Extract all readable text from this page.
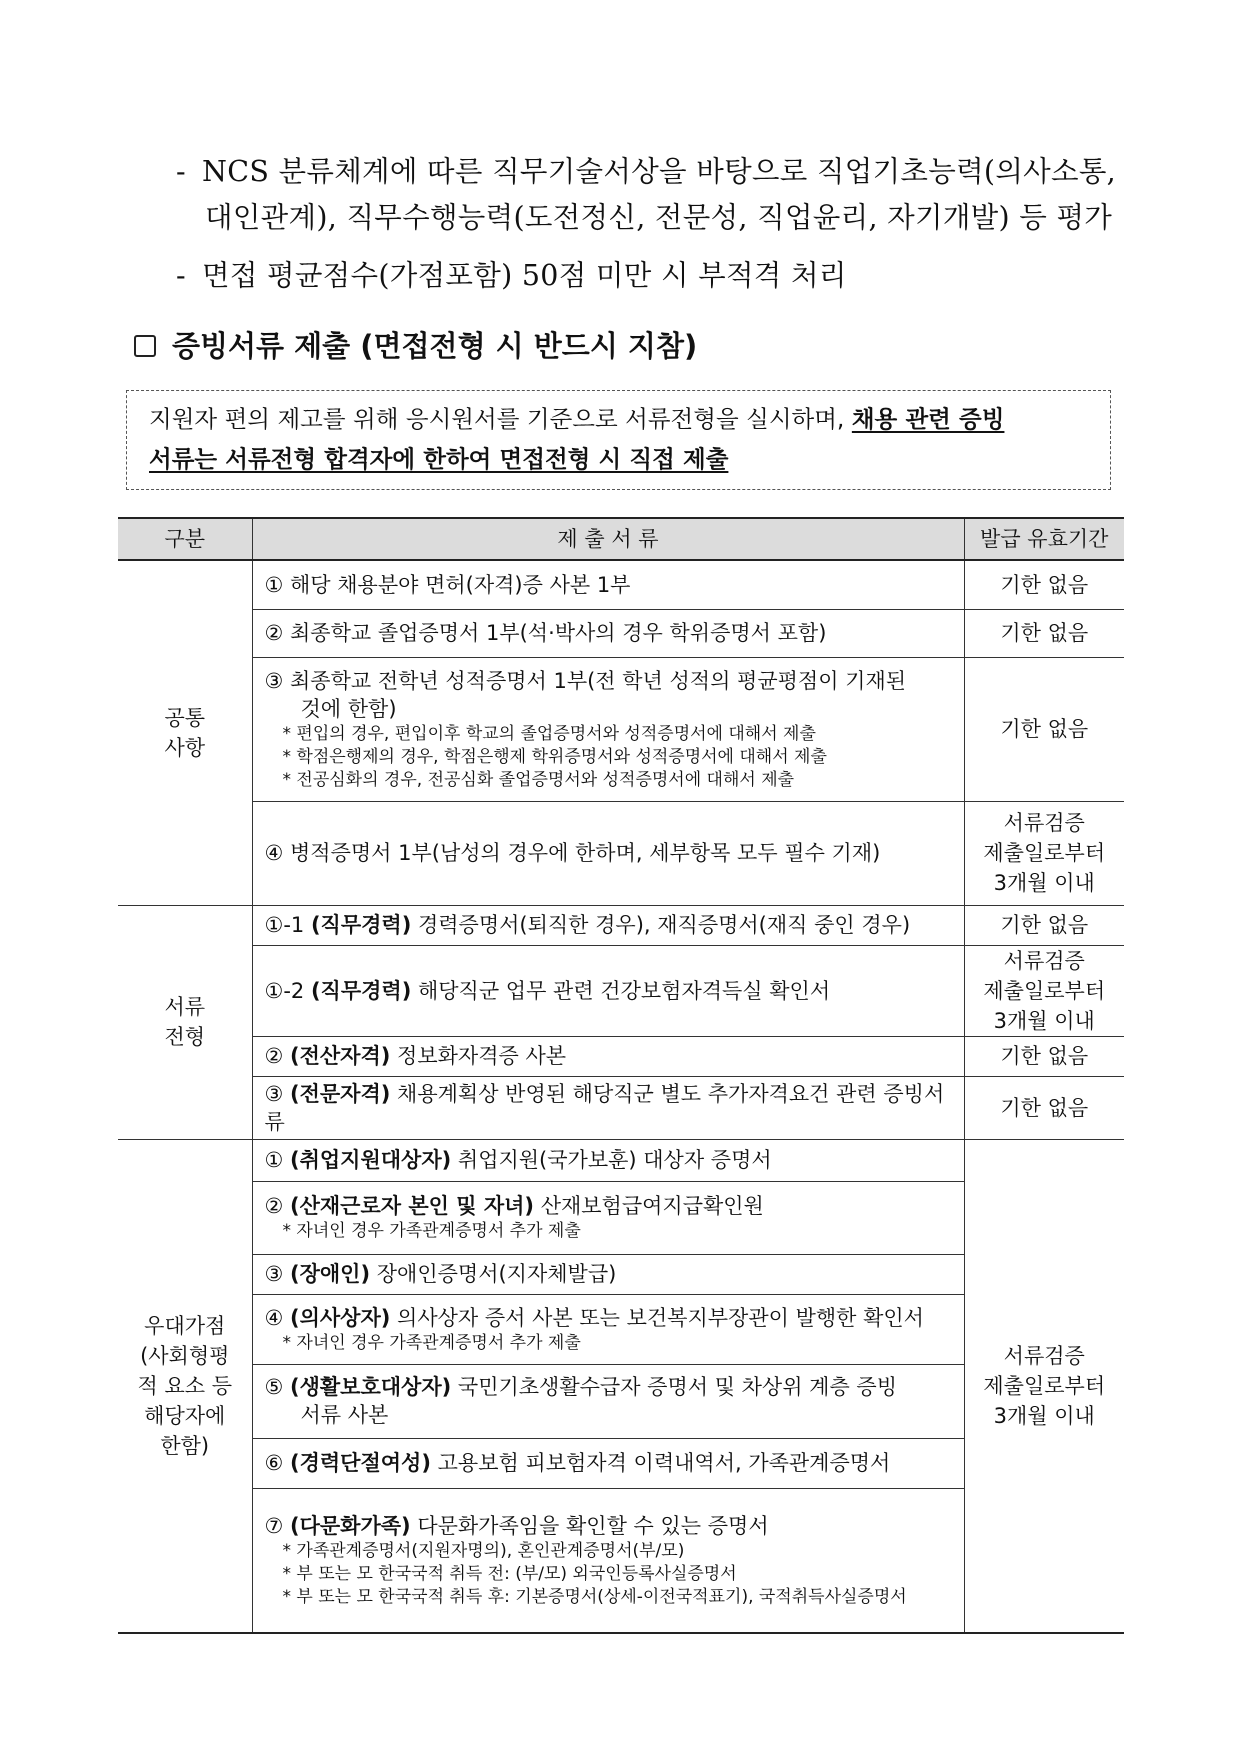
- NCS 분류체계에 따른 직무기술서상을 바탕으로 직업기초능력(의사소통,
대인관계), 직무수행능력(도전정신, 전문성, 직업윤리, 자기개발) 등 평가
- 면접 평균점수(가점포함) 50점 미만 시 부적격 처리
증빙서류 제출 (면접전형 시 반드시 지참)
지원자 편의 제고를 위해 응시원서를 기준으로 서류전형을 실시하며, 채용 관련 증빙
서류는 서류전형 합격자에 한하여 면접전형 시 직접 제출
구분	제 출 서 류	발급 유효기간
공통
사항	① 해당 채용분야 면허(자격)증 사본 1부	기한 없음

	② 최종학교 졸업증명서 1부(석·박사의 경우 학위증명서 포함)	기한 없음

	③ 최종학교 전학년 성적증명서 1부(전 학년 성적의 평균평점이 기재된
것에 한함)
* 편입의 경우, 편입이후 학교의 졸업증명서와 성적증명서에 대해서 제출
* 학점은행제의 경우, 학점은행제 학위증명서와 성적증명서에 대해서 제출
* 전공심화의 경우, 전공심화 졸업증명서와 성적증명서에 대해서 제출	기한 없음

	④ 병적증명서 1부(남성의 경우에 한하며, 세부항목 모두 필수 기재)	서류검증
제출일로부터
3개월 이내
서류
전형	①-1 (직무경력) 경력증명서(퇴직한 경우), 재직증명서(재직 중인 경우)	기한 없음

	①-2 (직무경력) 해당직군 업무 관련 건강보험자격득실 확인서	서류검증
제출일로부터
3개월 이내

	② (전산자격) 정보화자격증 사본	기한 없음

	③ (전문자격) 채용계획상 반영된 해당직군 별도 추가자격요건 관련 증빙서류	기한 없음
우대가점
(사회형평
적 요소 등
해당자에
한함)	① (취업지원대상자) 취업지원(국가보훈) 대상자 증명서	서류검증
제출일로부터
3개월 이내

	② (산재근로자 본인 및 자녀) 산재보험급여지급확인원
* 자녀인 경우 가족관계증명서 추가 제출	

	③ (장애인) 장애인증명서(지자체발급)	

	④ (의사상자) 의사상자 증서 사본 또는 보건복지부장관이 발행한 확인서
* 자녀인 경우 가족관계증명서 추가 제출	

	⑤ (생활보호대상자) 국민기초생활수급자 증명서 및 차상위 계층 증빙
서류 사본	

	⑥ (경력단절여성) 고용보험 피보험자격 이력내역서, 가족관계증명서	

	⑦ (다문화가족) 다문화가족임을 확인할 수 있는 증명서
* 가족관계증명서(지원자명의), 혼인관계증명서(부/모)
* 부 또는 모 한국국적 취득 전: (부/모) 외국인등록사실증명서
* 부 또는 모 한국국적 취득 후: 기본증명서(상세-이전국적표기), 국적취득사실증명서	
